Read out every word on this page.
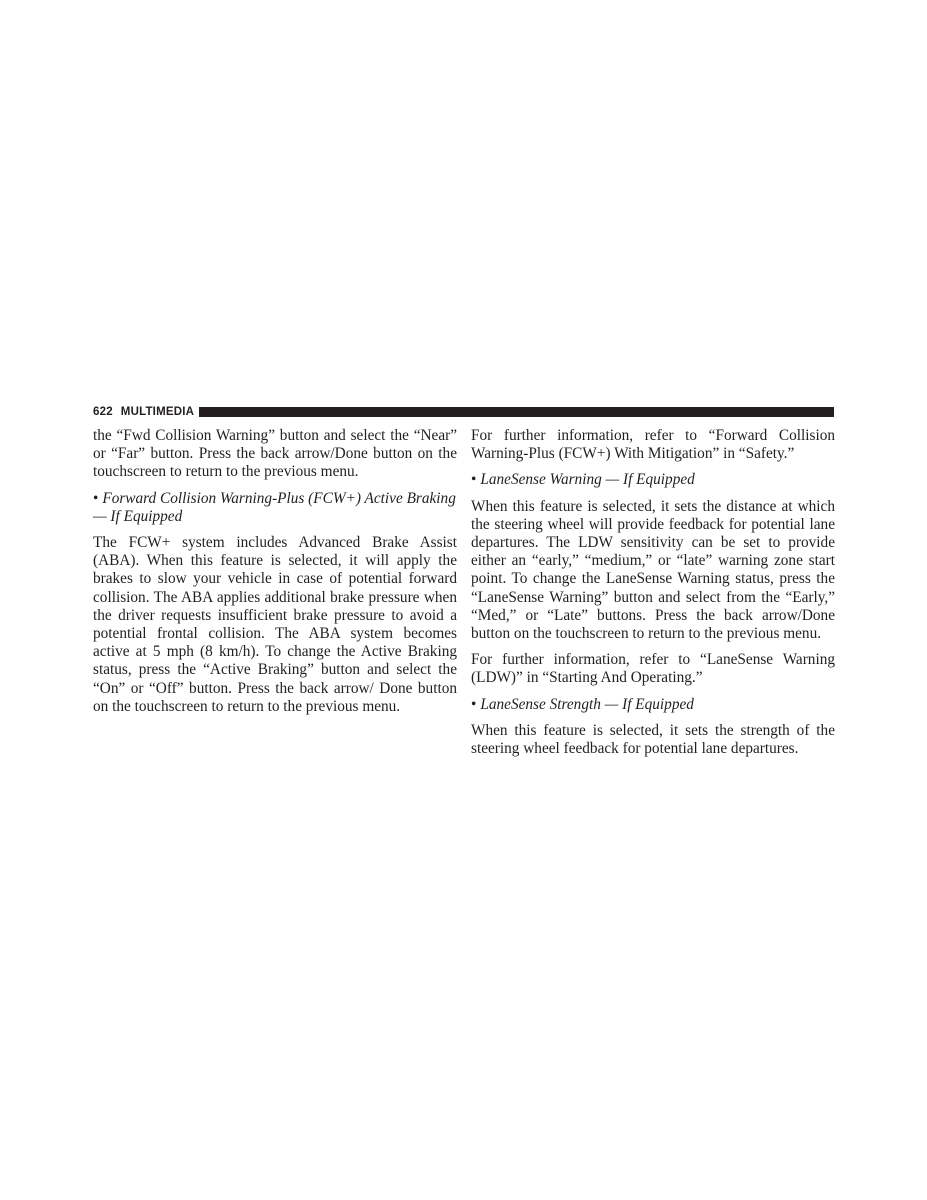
622 MULTIMEDIA

the “Fwd Collision Warning” button and select the “Near” or “Far” button. Press the back arrow/Done button on the touchscreen to return to the previous menu.

• Forward Collision Warning-Plus (FCW+) Active Braking — If Equipped

The FCW+ system includes Advanced Brake Assist (ABA). When this feature is selected, it will apply the brakes to slow your vehicle in case of potential forward collision. The ABA applies additional brake pressure when the driver requests insufficient brake pressure to avoid a potential frontal collision. The ABA system becomes active at 5 mph (8 km/h). To change the Active Braking status, press the “Active Braking” button and select the “On” or “Off” button. Press the back arrow/ Done button on the touchscreen to return to the previous menu.

For further information, refer to “Forward Collision Warning-Plus (FCW+) With Mitigation” in “Safety.”

• LaneSense Warning — If Equipped

When this feature is selected, it sets the distance at which the steering wheel will provide feedback for potential lane departures. The LDW sensitivity can be set to provide either an “early,” “medium,” or “late” warning zone start point. To change the LaneSense Warning status, press the “LaneSense Warning” button and select from the “Early,” “Med,” or “Late” buttons. Press the back arrow/Done button on the touchscreen to return to the previous menu.

For further information, refer to “LaneSense Warning (LDW)” in “Starting And Operating.”

• LaneSense Strength — If Equipped

When this feature is selected, it sets the strength of the steering wheel feedback for potential lane departures.
